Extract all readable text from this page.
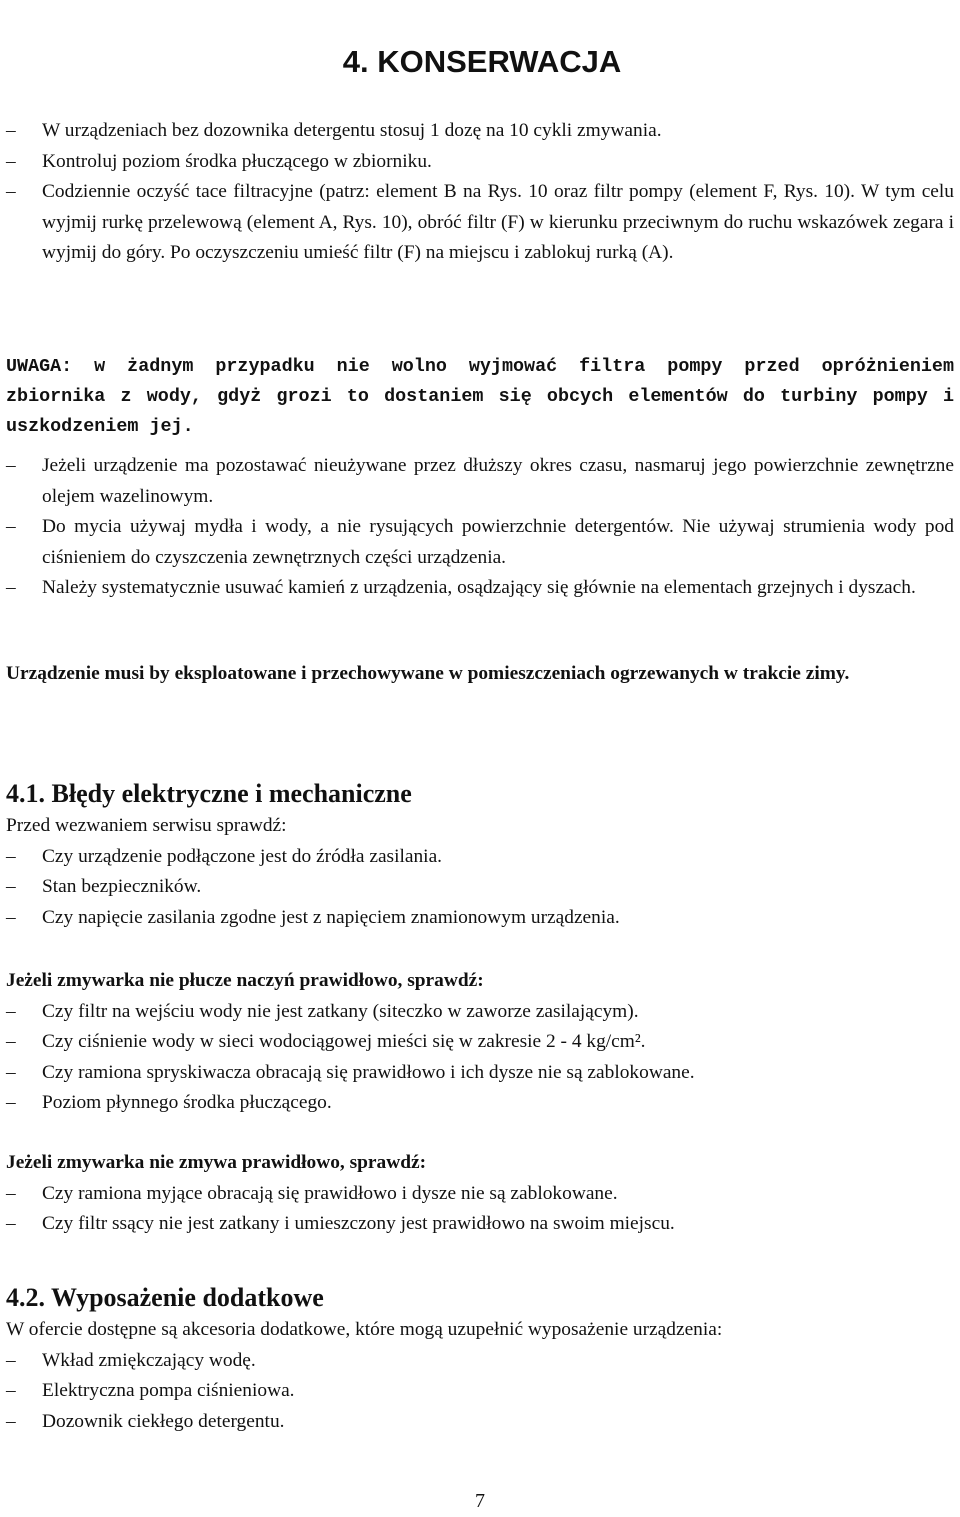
4. KONSERWACJA
–	W urządzeniach bez dozownika detergentu stosuj 1 dozę na 10 cykli zmywania.
–	Kontroluj poziom środka płuczącego w zbiorniku.
–	Codziennie oczyść tace filtracyjne (patrz: element B na Rys. 10 oraz filtr pompy (element F, Rys. 10). W tym celu wyjmij rurkę przelewową (element A, Rys. 10), obróć filtr (F) w kierunku przeciwnym do ruchu wskazówek zegara i wyjmij do góry. Po oczyszczeniu umieść filtr (F) na miejscu i zablokuj rurką (A).

UWAGA: w żadnym przypadku nie wolno wyjmować filtra pompy przed opróżnieniem zbiornika z wody, gdyż grozi to dostaniem się obcych elementów do turbiny pompy i uszkodzeniem jej.

–	Jeżeli urządzenie ma pozostawać nieużywane przez dłuższy okres czasu, nasmaruj jego powierzchnie zewnętrzne olejem wazelinowym.
–	Do mycia używaj mydła i wody, a nie rysujących powierzchnie detergentów. Nie używaj strumienia wody pod ciśnieniem do czyszczenia zewnętrznych części urządzenia.
–	Należy systematycznie usuwać kamień z urządzenia, osądzający się głównie na elementach grzejnych i dyszach.

Urządzenie musi by eksploatowane i przechowywane w pomieszczeniach ogrzewanych w trakcie zimy.

4.1. Błędy elektryczne i mechaniczne

Przed wezwaniem serwisu sprawdź:

–	Czy urządzenie podłączone jest do źródła zasilania.
–	Stan bezpieczników.
–	Czy napięcie zasilania zgodne jest z napięciem znamionowym urządzenia.

Jeżeli zmywarka nie płucze naczyń prawidłowo, sprawdź:

–	Czy filtr na wejściu wody nie jest zatkany (siteczko w zaworze zasilającym).
–	Czy ciśnienie wody w sieci wodociągowej mieści się w zakresie 2 - 4 kg/cm².
–	Czy ramiona spryskiwacza obracają się prawidłowo i ich dysze nie są zablokowane.
–	Poziom płynnego środka płuczącego.

Jeżeli zmywarka nie zmywa prawidłowo, sprawdź:

–	Czy ramiona myjące obracają się prawidłowo i dysze nie są zablokowane.
–	Czy filtr ssący nie jest zatkany i umieszczony jest prawidłowo na swoim miejscu.
4.2. Wyposażenie dodatkowe

W ofercie dostępne są akcesoria dodatkowe, które mogą uzupełnić wyposażenie urządzenia:

–	Wkład zmiękczający wodę.
–	Elektryczna pompa ciśnieniowa.
–	Dozownik ciekłego detergentu.
7
